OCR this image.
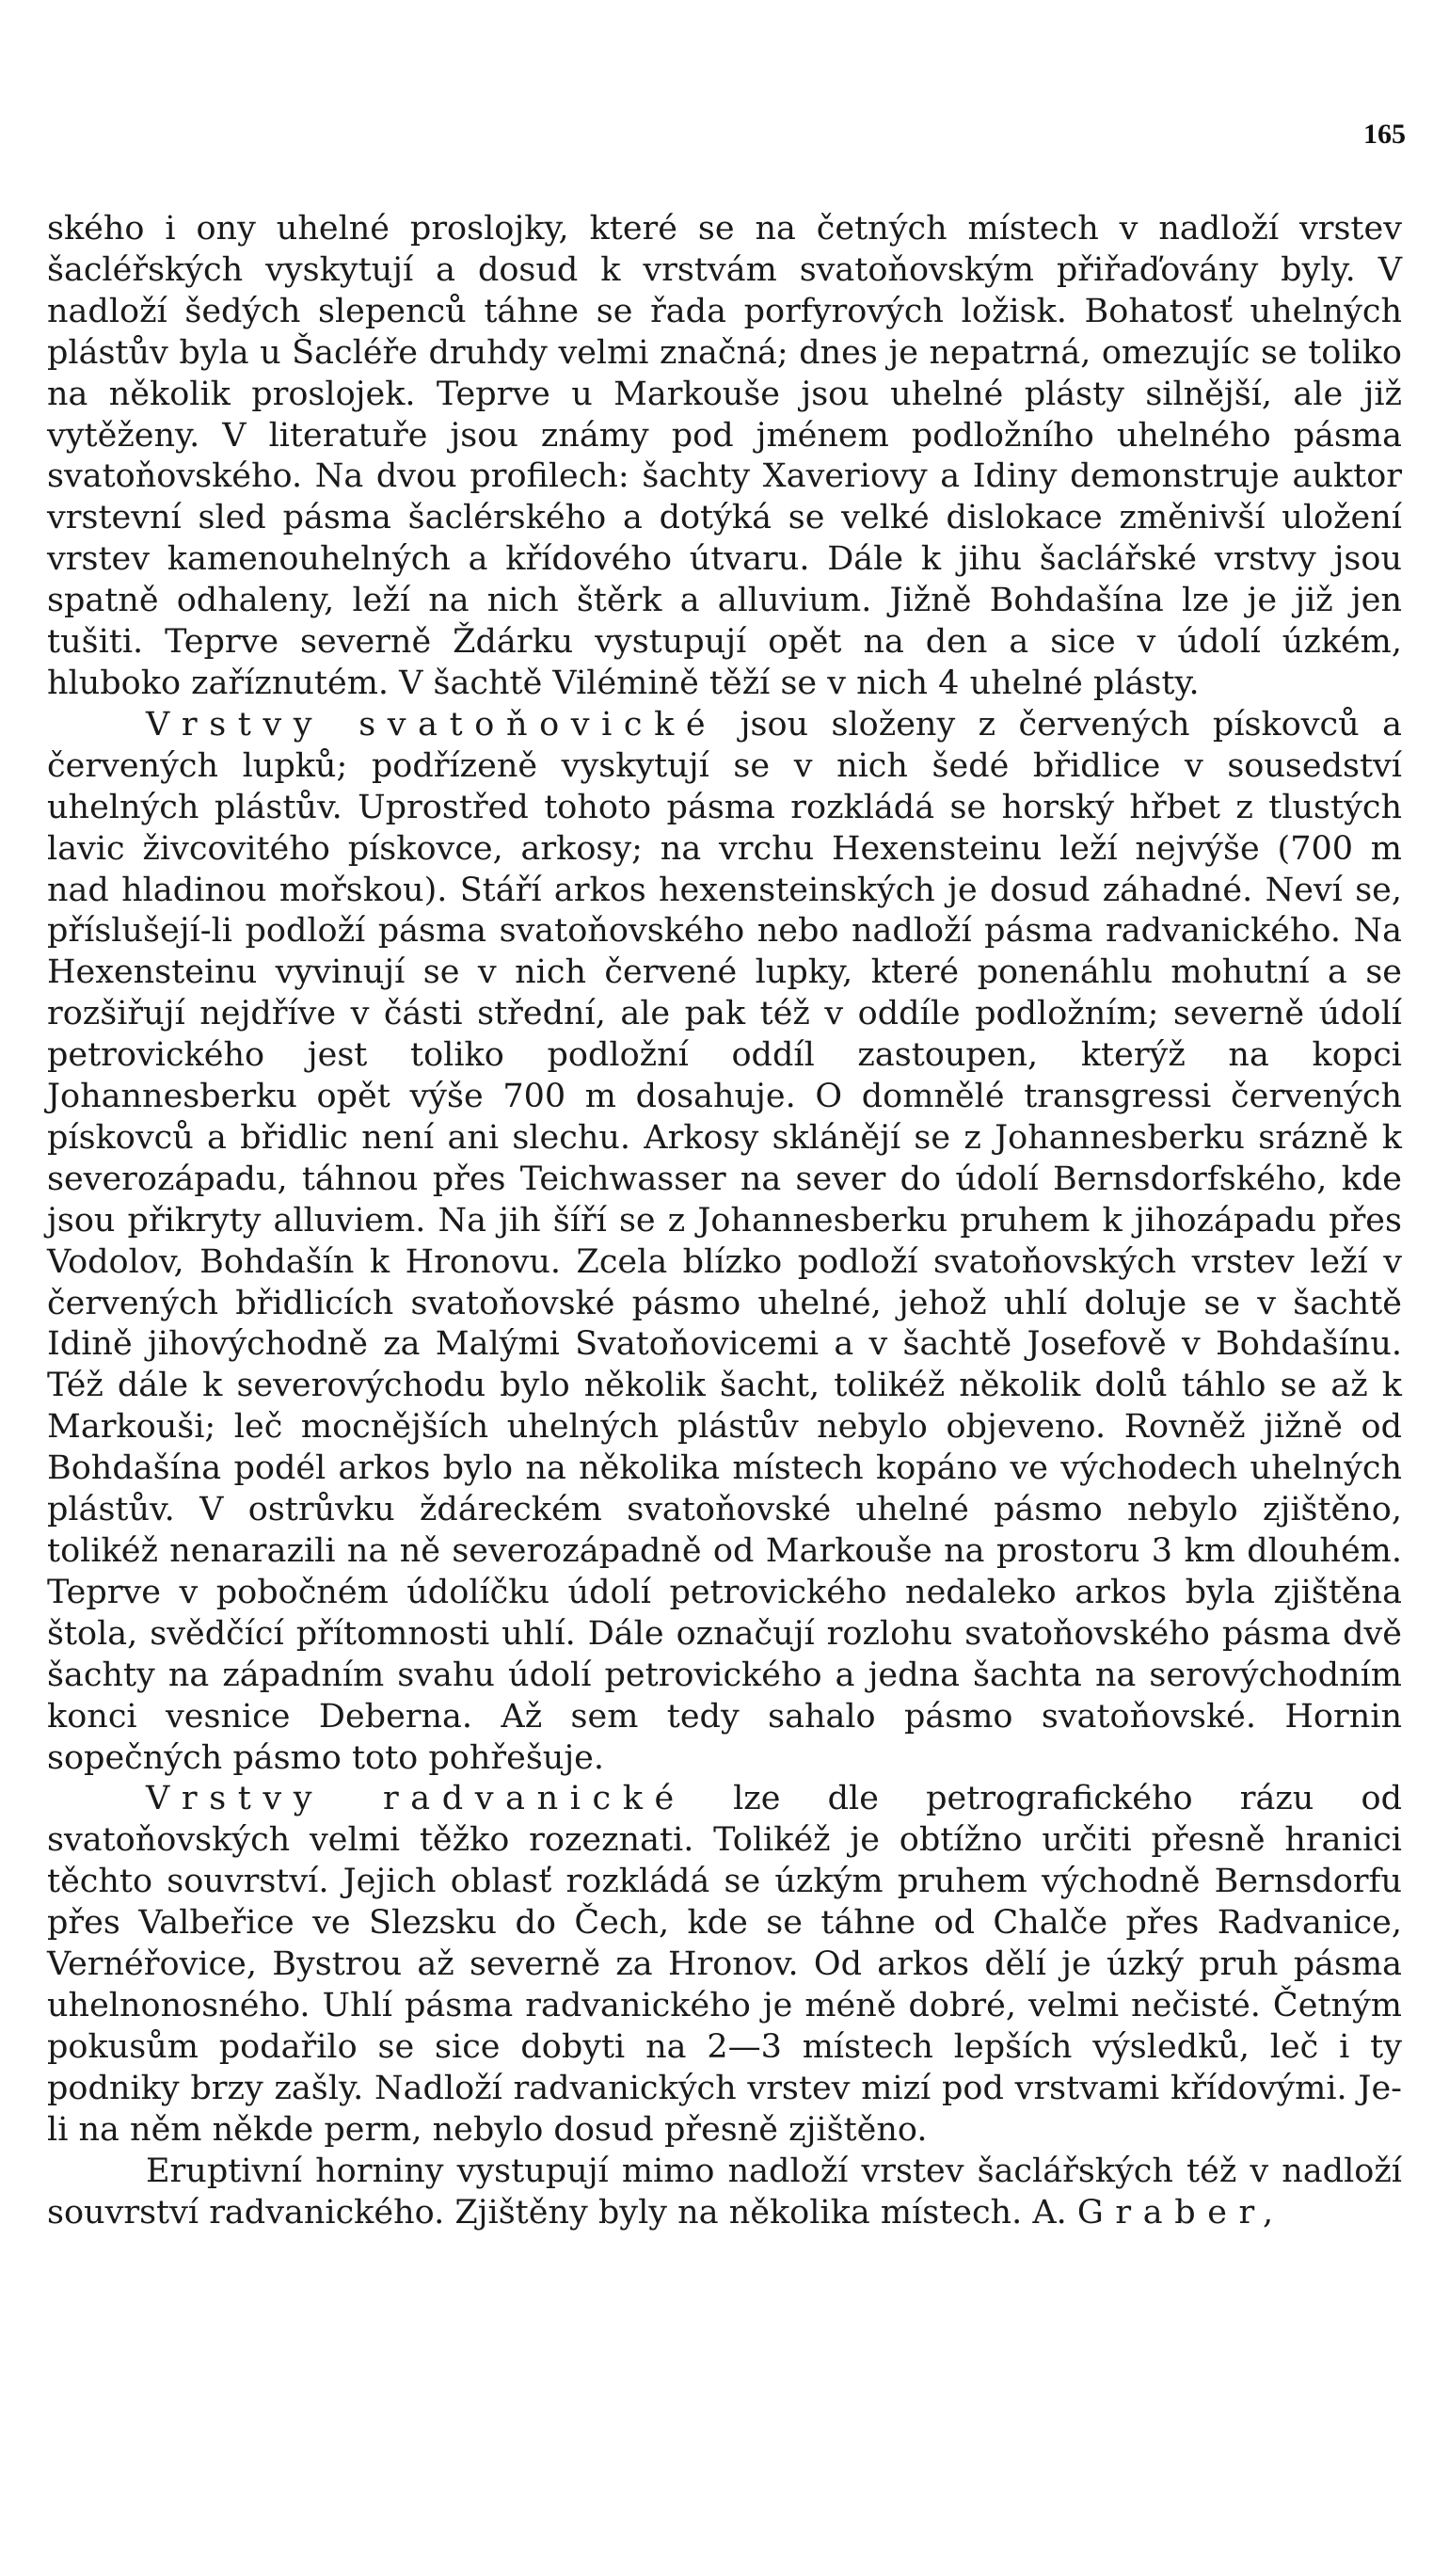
165

ského i ony uhelné proslojky, které se na četných místech v nadloží vrstev šacléřských vyskytují a dosud k vrstvám svatoňovským přiřaďovány byly. V nadloží šedých slepenců táhne se řada porfyrových ložisk. Bohatosť uhelných plástův byla u Šacléře druhdy velmi značná; dnes je nepatrná, omezujíc se toliko na několik proslojek. Teprve u Markouše jsou uhelné plásty silnější, ale již vytěženy. V literatuře jsou známy pod jménem podložního uhelného pásma svatoňovského. Na dvou profilech: šachty Xaveriovy a Idiny demonstruje auktor vrstevní sled pásma šaclérského a dotýká se velké dislokace změnivší uložení vrstev kamenouhelných a křídového útvaru. Dále k jihu šaclářské vrstvy jsou spatně odhaleny, leží na nich štěrk a alluvium. Jižně Bohdašína lze je již jen tušiti. Teprve severně Ždárku vystupují opět na den a sice v údolí úzkém, hluboko zaříznutém. V šachtě Vilémině těží se v nich 4 uhelné plásty.

Vrstvy svatoňovické jsou složeny z červených pískovců a červených lupků; podřízeně vyskytují se v nich šedé břidlice v sousedství uhelných plástův. Uprostřed tohoto pásma rozkládá se horský hřbet z tlustých lavic živcovitého pískovce, arkosy; na vrchu Hexensteinu leží nejvýše (700 m nad hladinou mořskou). Stáří arkos hexensteinských je dosud záhadné. Neví se, příslušejí-li podloží pásma svatoňovského nebo nadloží pásma radvanického. Na Hexensteinu vyvinují se v nich červené lupky, které ponenáhlu mohutní a se rozšiřují nejdříve v části střední, ale pak též v oddíle podložním; severně údolí petrovického jest toliko podložní oddíl zastoupen, kterýž na kopci Johannesberku opět výše 700 m dosahuje. O domnělé transgressi červených pískovců a břidlic není ani slechu. Arkosy sklánějí se z Johannesberku srázně k severozápadu, táhnou přes Teichwasser na sever do údolí Bernsdorfského, kde jsou přikryty alluviem. Na jih šíří se z Johannesberku pruhem k jihozápadu přes Vodolov, Bohdašín k Hronovu. Zcela blízko podloží svatoňovských vrstev leží v červených břidlicích svatoňovské pásmo uhelné, jehož uhlí doluje se v šachtě Idině jihovýchodně za Malými Svatoňovicemi a v šachtě Josefově v Bohdašínu. Též dále k severovýchodu bylo několik šacht, tolikéž několik dolů táhlo se až k Markouši; leč mocnějších uhelných plástův nebylo objeveno. Rovněž jižně od Bohdašína podél arkos bylo na několika místech kopáno ve východech uhelných plástův. V ostrůvku ždáreckém svatoňovské uhelné pásmo nebylo zjištěno, tolikéž nenarazili na ně severozápadně od Markouše na prostoru 3 km dlouhém. Teprve v pobočném údolíčku údolí petrovického nedaleko arkos byla zjištěna štola, svědčící přítomnosti uhlí. Dále označují rozlohu svatoňovského pásma dvě šachty na západním svahu údolí petrovického a jedna šachta na serovýchodním konci vesnice Deberna. Až sem tedy sahalo pásmo svatoňovské. Hornin sopečných pásmo toto pohřešuje.

Vrstvy radvanické lze dle petrografického rázu od svatoňovských velmi těžko rozeznati. Tolikéž je obtížno určiti přesně hranici těchto souvrství. Jejich oblasť rozkládá se úzkým pruhem východně Bernsdorfu přes Valbeřice ve Slezsku do Čech, kde se táhne od Chalče přes Radvanice, Vernéřovice, Bystrou až severně za Hronov. Od arkos dělí je úzký pruh pásma uhelnonosného. Uhlí pásma radvanického je méně dobré, velmi nečisté. Četným pokusům podařilo se sice dobyti na 2—3 místech lepších výsledků, leč i ty podniky brzy zašly. Nadloží radvanických vrstev mizí pod vrstvami křídovými. Je-li na něm někde perm, nebylo dosud přesně zjištěno.

Eruptivní horniny vystupují mimo nadloží vrstev šaclářských též v nadloží souvrství radvanického. Zjištěny byly na několika místech. A. Graber,
